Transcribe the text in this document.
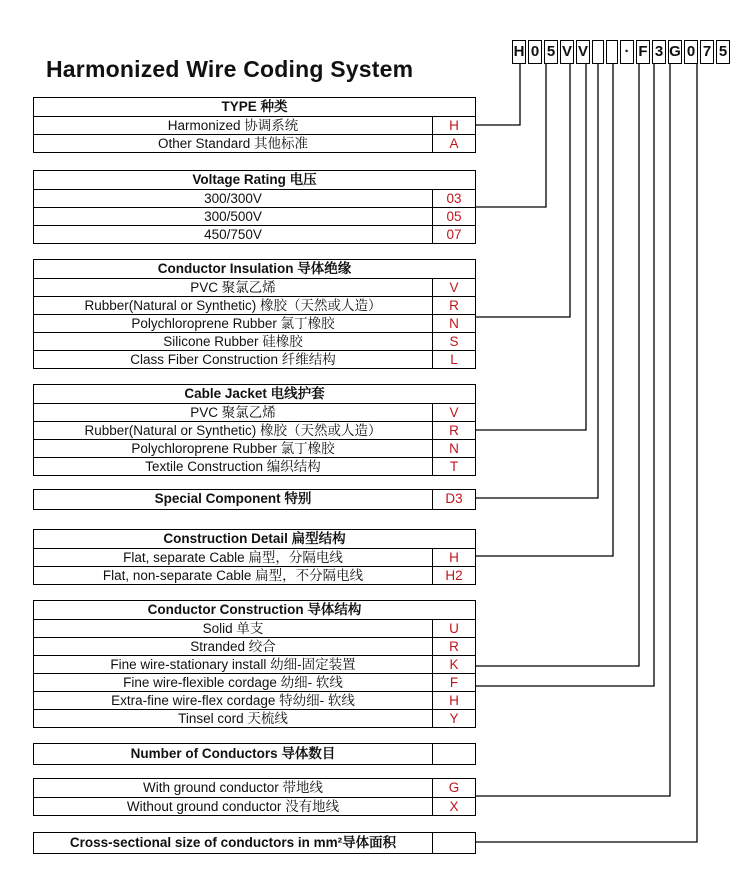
Harmonized Wire Coding System
H 0 5 V V	· F 3 G 0 7 5
TYPE 种类
Harmonized 协调系统	H
Other Standard 其他标准	A
Voltage Rating 电压
300/300V	03
300/500V	05
450/750V	07
Conductor Insulation 导体绝缘
PVC 聚氯乙烯	V
Rubber(Natural or Synthetic) 橡胶（天然或人造）	R
Polychloroprene Rubber 氯丁橡胶	N
Silicone Rubber 硅橡胶	S
Class Fiber Construction 纤维结构	L
Cable Jacket 电线护套
PVC 聚氯乙烯	V
Rubber(Natural or Synthetic) 橡胶（天然或人造）	R
Polychloroprene Rubber 氯丁橡胶	N
Textile Construction 编织结构	T
Special Component 特别	D3
Construction Detail 扁型结构
Flat, separate Cable 扁型，分隔电线	H
Flat, non-separate Cable 扁型，不分隔电线	H2
Conductor Construction 导体结构
Solid 单支	U
Stranded 绞合	R
Fine wire-stationary install 幼细-固定装置	K
Fine wire-flexible cordage 幼细- 软线	F
Extra-fine wire-flex cordage 特幼细- 软线	H
Tinsel cord 天梳线	Y
Number of Conductors 导体数目
With ground conductor 带地线	G
Without ground conductor 没有地线	X
Cross-sectional size of conductors in mm²导体面积
